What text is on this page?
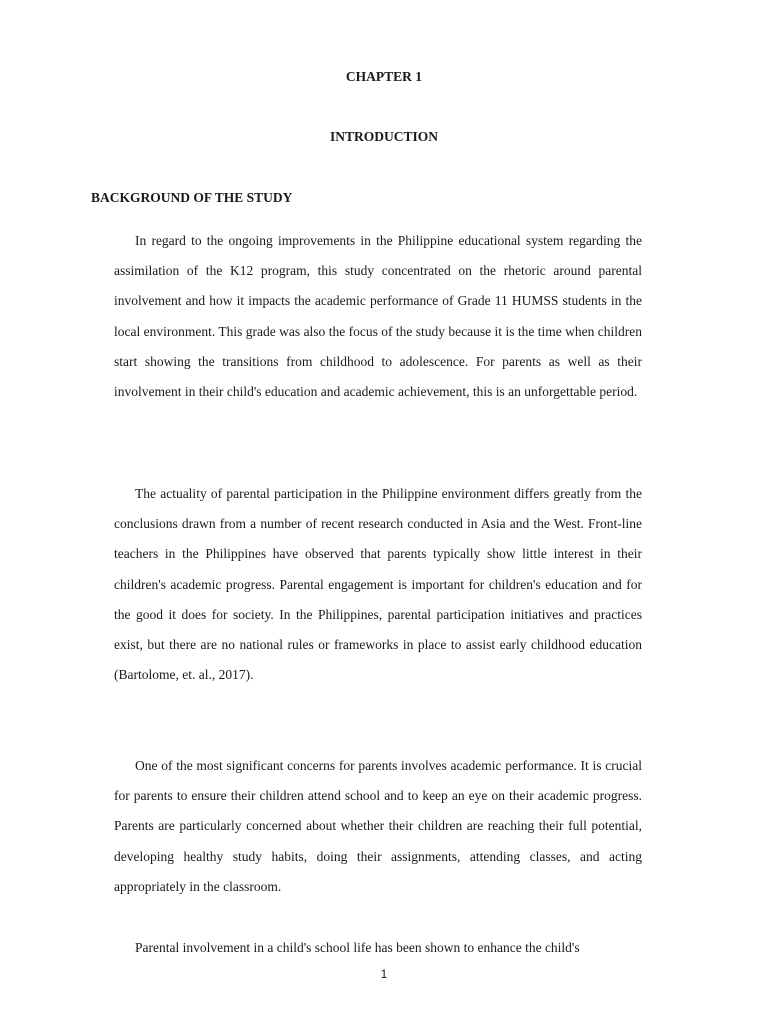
CHAPTER 1

INTRODUCTION

BACKGROUND OF THE STUDY

In regard to the ongoing improvements in the Philippine educational system regarding the assimilation of the K12 program, this study concentrated on the rhetoric around parental involvement and how it impacts the academic performance of Grade 11 HUMSS students in the local environment. This grade was also the focus of the study because it is the time when children start showing the transitions from childhood to adolescence. For parents as well as their involvement in their child's education and academic achievement, this is an unforgettable period.

The actuality of parental participation in the Philippine environment differs greatly from the conclusions drawn from a number of recent research conducted in Asia and the West. Front-line teachers in the Philippines have observed that parents typically show little interest in their children's academic progress. Parental engagement is important for children's education and for the good it does for society. In the Philippines, parental participation initiatives and practices exist, but there are no national rules or frameworks in place to assist early childhood education (Bartolome, et. al., 2017).

One of the most significant concerns for parents involves academic performance. It is crucial for parents to ensure their children attend school and to keep an eye on their academic progress. Parents are particularly concerned about whether their children are reaching their full potential, developing healthy study habits, doing their assignments, attending classes, and acting appropriately in the classroom.

Parental involvement in a child's school life has been shown to enhance the child's

1
